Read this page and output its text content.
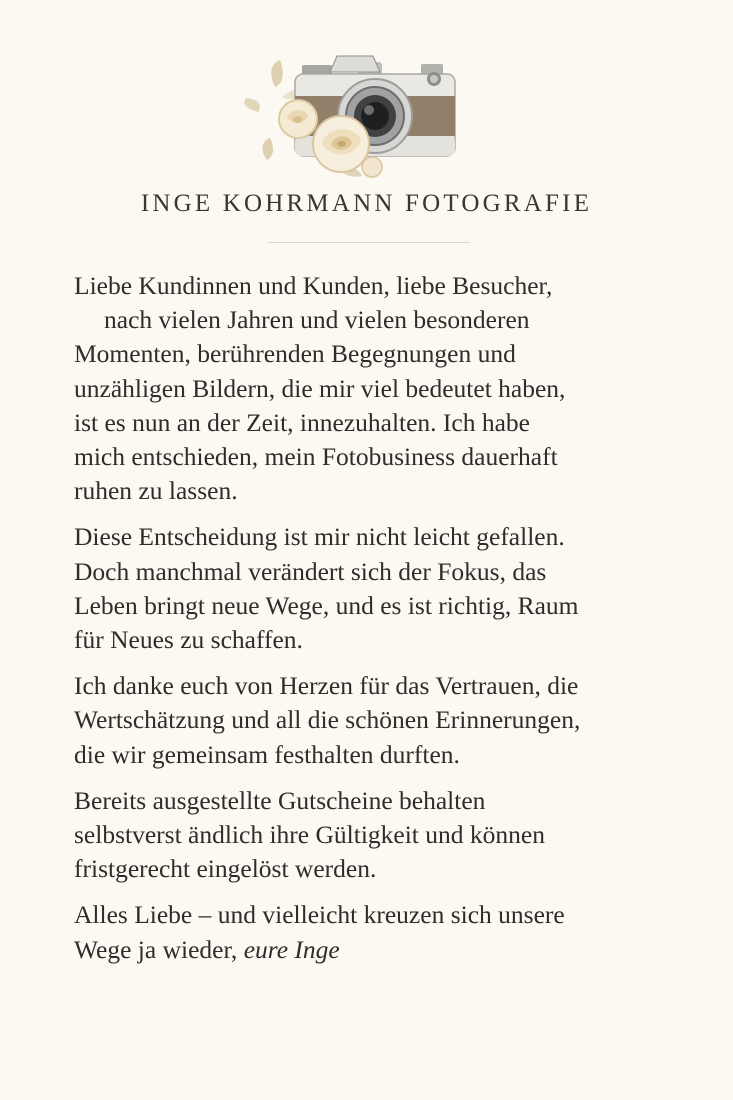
INGE KOHRMANN FOTOGRAFIE

Liebe Kundinnen und Kunden, liebe Besucher,
nach vielen Jahren und vielen besonderen
Momenten, berührenden Begegnungen und
unzähligen Bildern, die mir viel bedeutet haben,
ist es nun an der Zeit, innezuhalten. Ich habe
mich entschieden, mein Fotobusiness dauerhaft
ruhen zu lassen.

Diese Entscheidung ist mir nicht leicht gefallen.
Doch manchmal verändert sich der Fokus, das
Leben bringt neue Wege, und es ist richtig, Raum
für Neues zu schaffen.

Ich danke euch von Herzen für das Vertrauen, die
Wertschätzung und all die schönen Erinnerungen,
die wir gemeinsam festhalten durften.

Bereits ausgestellte Gutscheine behalten
selbstverst ändlich ihre Gültigkeit und können
fristgerecht eingelöst werden.

Alles Liebe – und vielleicht kreuzen sich unsere
Wege ja wieder, eure Inge
